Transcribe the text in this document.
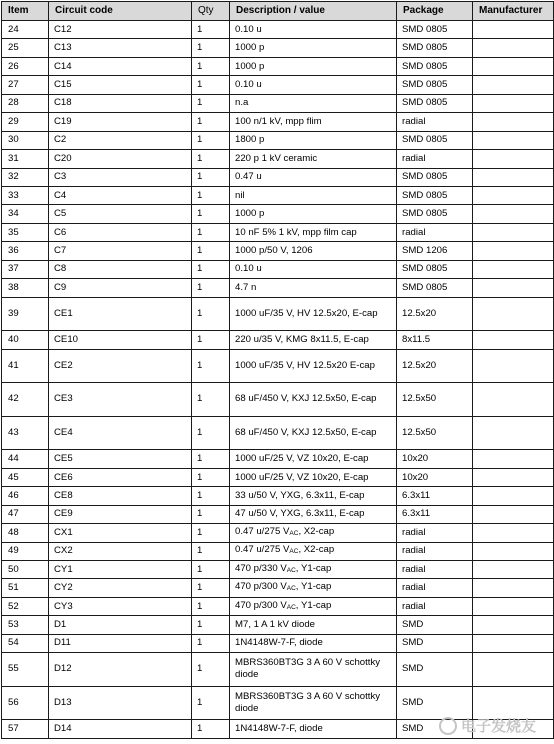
Item	Circuit code	Qty	Description / value	Package	Manufacturer
24	C12	1	0.10 u	SMD 0805	
25	C13	1	1000 p	SMD 0805	
26	C14	1	1000 p	SMD 0805	
27	C15	1	0.10 u	SMD 0805	
28	C18	1	n.a	SMD 0805	
29	C19	1	100 n/1 kV, mpp flim	radial	
30	C2	1	1800 p	SMD 0805	
31	C20	1	220 p 1 kV ceramic	radial	
32	C3	1	0.47 u	SMD 0805	
33	C4	1	nil	SMD 0805	
34	C5	1	1000 p	SMD 0805	
35	C6	1	10 nF 5% 1 kV, mpp film cap	radial	
36	C7	1	1000 p/50 V, 1206	SMD 1206	
37	C8	1	0.10 u	SMD 0805	
38	C9	1	4.7 n	SMD 0805	
39	CE1	1	1000 uF/35 V, HV 12.5x20, E-cap	12.5x20	
40	CE10	1	220 u/35 V, KMG 8x11.5, E-cap	8x11.5	
41	CE2	1	1000 uF/35 V, HV 12.5x20 E-cap	12.5x20	
42	CE3	1	68 uF/450 V, KXJ 12.5x50, E-cap	12.5x50	
43	CE4	1	68 uF/450 V, KXJ 12.5x50, E-cap	12.5x50	
44	CE5	1	1000 uF/25 V, VZ 10x20, E-cap	10x20	
45	CE6	1	1000 uF/25 V, VZ 10x20, E-cap	10x20	
46	CE8	1	33 u/50 V, YXG, 6.3x11, E-cap	6.3x11	
47	CE9	1	47 u/50 V, YXG, 6.3x11, E-cap	6.3x11	
48	CX1	1	0.47 u/275 VAC, X2-cap	radial	
49	CX2	1	0.47 u/275 VAC, X2-cap	radial	
50	CY1	1	470 p/330 VAC, Y1-cap	radial	
51	CY2	1	470 p/300 VAC, Y1-cap	radial	
52	CY3	1	470 p/300 VAC, Y1-cap	radial	
53	D1	1	M7, 1 A 1 kV diode	SMD	
54	D11	1	1N4148W-7-F, diode	SMD	
55	D12	1	MBRS360BT3G 3 A 60 V schottky diode	SMD	
56	D13	1	MBRS360BT3G 3 A 60 V schottky diode	SMD	
57	D14	1	1N4148W-7-F, diode	SMD		电子发烧友
